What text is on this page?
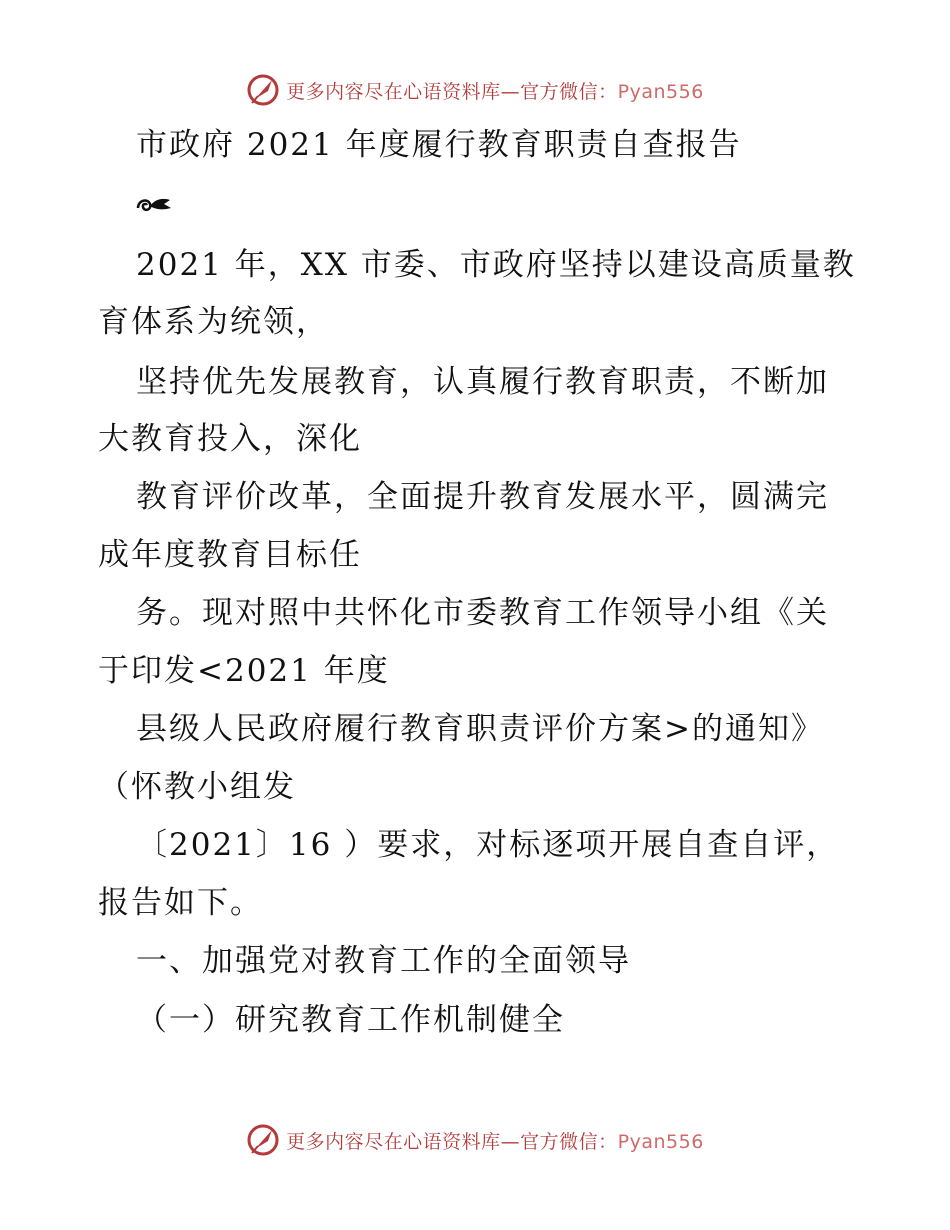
更多内容尽在心语资料库—官方微信：Pyan556
市政府 2021 年度履行教育职责自查报告
2021 年，XX 市委、市政府坚持以建设高质量教
育体系为统领，
坚持优先发展教育，认真履行教育职责，不断加
大教育投入，深化
教育评价改革，全面提升教育发展水平，圆满完
成年度教育目标任
务。现对照中共怀化市委教育工作领导小组《关
于印发<2021 年度
县级人民政府履行教育职责评价方案>的通知》
（怀教小组发
〔2021〕16 ）要求，对标逐项开展自查自评，
报告如下。
一、加强党对教育工作的全面领导
（一）研究教育工作机制健全
更多内容尽在心语资料库—官方微信：Pyan556
